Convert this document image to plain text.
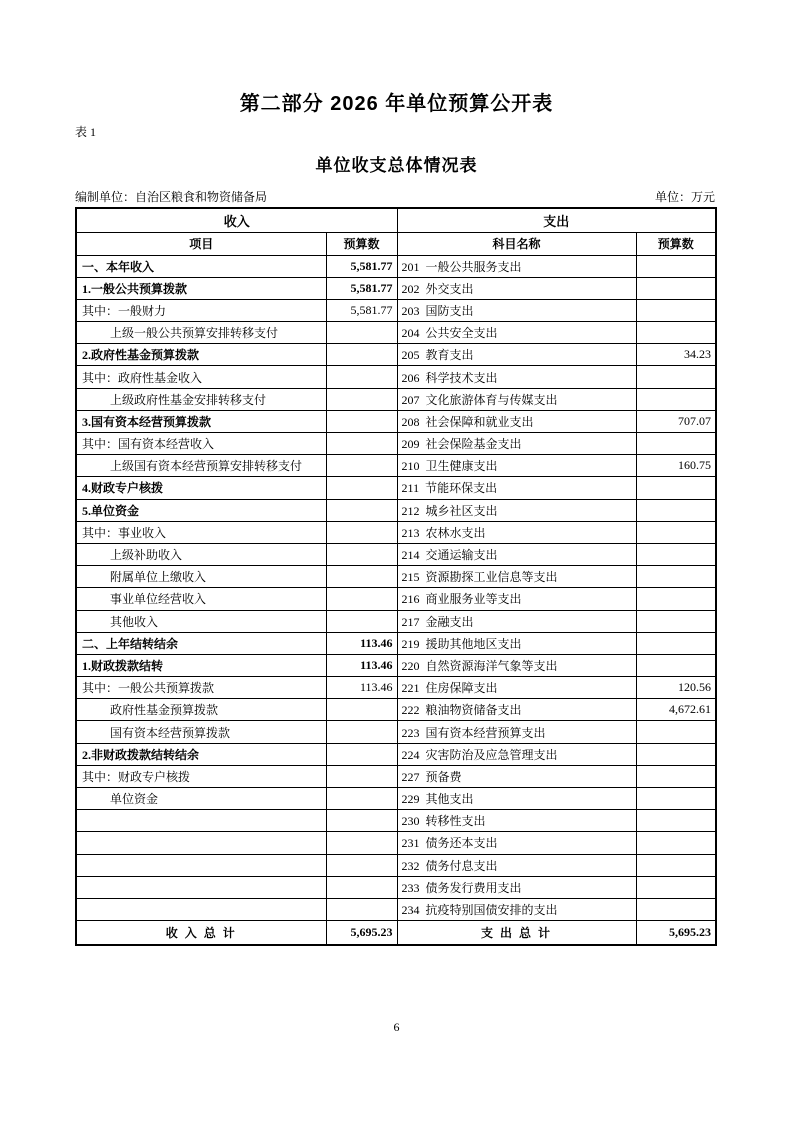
第二部分 2026 年单位预算公开表
表 1
单位收支总体情况表
编制单位：自治区粮食和物资储备局	单位：万元
收入		支出	
项目	预算数	科目名称	预算数
一、本年收入	5,581.77	201  一般公共服务支出	
1.一般公共预算拨款	5,581.77	202  外交支出	
其中：一般财力	5,581.77	203  国防支出	
上级一般公共预算安排转移支付		204  公共安全支出	
2.政府性基金预算拨款		205  教育支出	34.23
其中：政府性基金收入		206  科学技术支出	
上级政府性基金安排转移支付		207  文化旅游体育与传媒支出	
3.国有资本经营预算拨款		208  社会保障和就业支出	707.07
其中：国有资本经营收入		209  社会保险基金支出	
上级国有资本经营预算安排转移支付		210  卫生健康支出	160.75
4.财政专户核拨		211  节能环保支出	
5.单位资金		212  城乡社区支出	
其中：事业收入		213  农林水支出	
上级补助收入		214  交通运输支出	
附属单位上缴收入		215  资源勘探工业信息等支出	
事业单位经营收入		216  商业服务业等支出	
其他收入		217  金融支出	
二、上年结转结余	113.46	219  援助其他地区支出	
1.财政拨款结转	113.46	220  自然资源海洋气象等支出	
其中：一般公共预算拨款	113.46	221  住房保障支出	120.56
政府性基金预算拨款		222  粮油物资储备支出	4,672.61
国有资本经营预算拨款		223  国有资本经营预算支出	
2.非财政拨款结转结余		224  灾害防治及应急管理支出	
其中：财政专户核拨		227  预备费	
单位资金		229  其他支出	
		230  转移性支出	
		231  债务还本支出	
		232  债务付息支出	
		233  债务发行费用支出	
		234  抗疫特别国债安排的支出	
收 入 总 计	5,695.23	支 出 总 计	5,695.23
6
